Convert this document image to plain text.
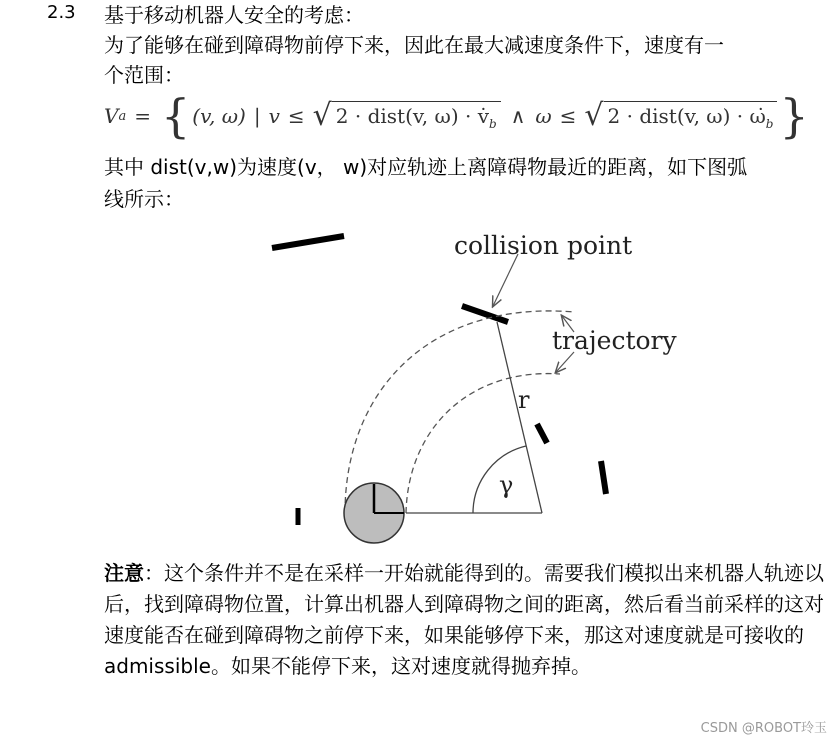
2.3 基于移动机器人安全的考虑：
为了能够在碰到障碍物前停下来，因此在最大减速度条件下，速度有一
个范围：
V a = { (v, ω) | v ≤ √ 2 · dist(v, $\omega) \cdot v̇_b$ ∧ ω ≤ √ 2 · dist(v, $\omega) \cdot \omegȧ_b$ }
其中 dist(v,w)为速度(v， w)对应轨迹上离障碍物最近的距离，如下图弧
线所示：
collision point
trajectory
r
γ
注意：这个条件并不是在采样一开始就能得到的。需要我们模拟出来机器人轨迹以后，找到障碍物位置，计算出机器人到障碍物之间的距离，然后看当前采样的这对速度能否在碰到障碍物之前停下来，如果能够停下来，那这对速度就是可接收的 admissible。如果不能停下来，这对速度就得抛弃掉。
CSDN @ROBOT玲玉
